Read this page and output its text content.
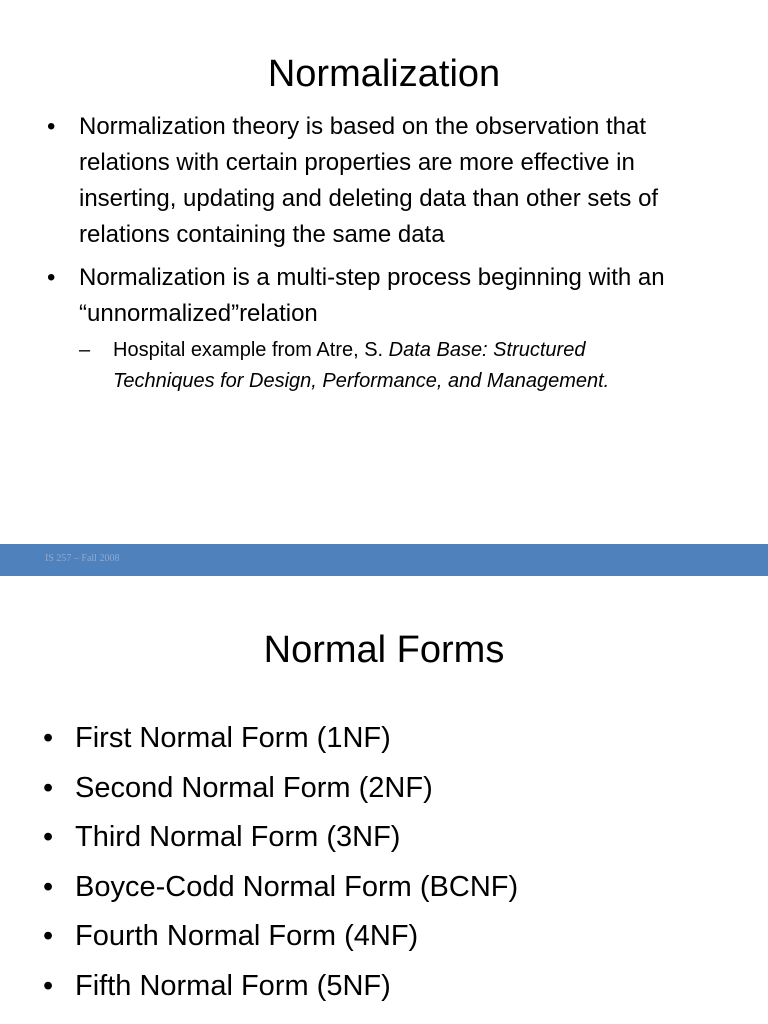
Normalization
• Normalization theory is based on the observation that relations with certain properties are more effective in inserting, updating and deleting data than other sets of relations containing the same data
• Normalization is a multi-step process beginning with an “unnormalized”relation
– Hospital example from Atre, S. Data Base: Structured Techniques for Design, Performance, and Management.
IS 257 – Fall 2008
Normal Forms
• First Normal Form (1NF)
• Second Normal Form (2NF)
• Third Normal Form (3NF)
• Boyce-Codd Normal Form (BCNF)
• Fourth Normal Form (4NF)
• Fifth Normal Form (5NF)
